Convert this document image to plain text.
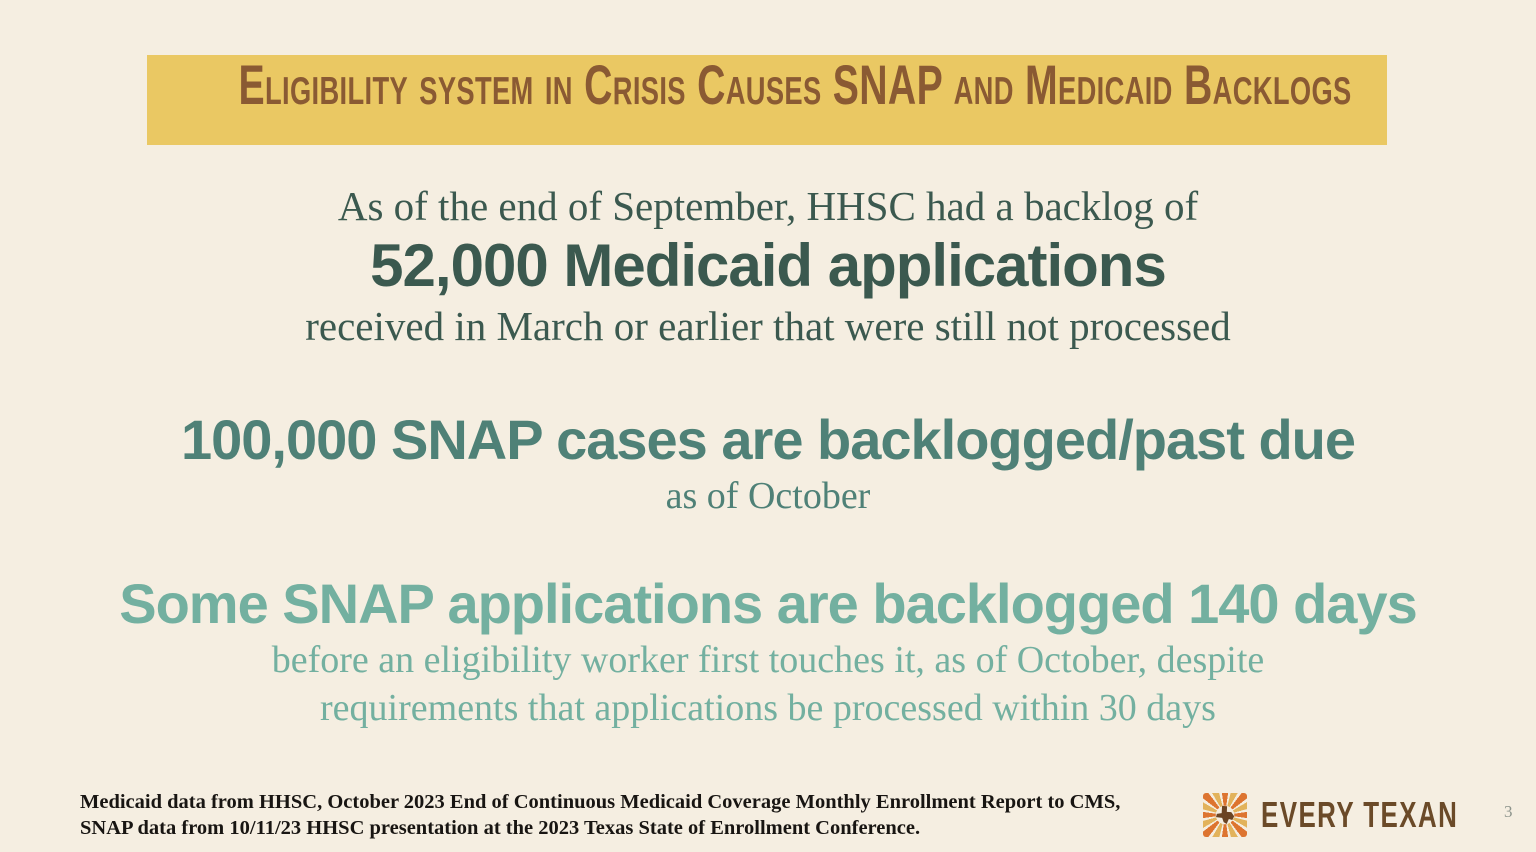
Eligibility system in Crisis Causes SNAP and Medicaid Backlogs
As of the end of September, HHSC had a backlog of
52,000 Medicaid applications
received in March or earlier that were still not processed
100,000 SNAP cases are backlogged/past due
as of October
Some SNAP applications are backlogged 140 days
before an eligibility worker first touches it, as of October, despite
requirements that applications be processed within 30 days
Medicaid data from HHSC, October 2023 End of Continuous Medicaid Coverage Monthly Enrollment Report to CMS,
SNAP data from 10/11/23 HHSC presentation at the 2023 Texas State of Enrollment Conference.	EVERY TEXAN	3
